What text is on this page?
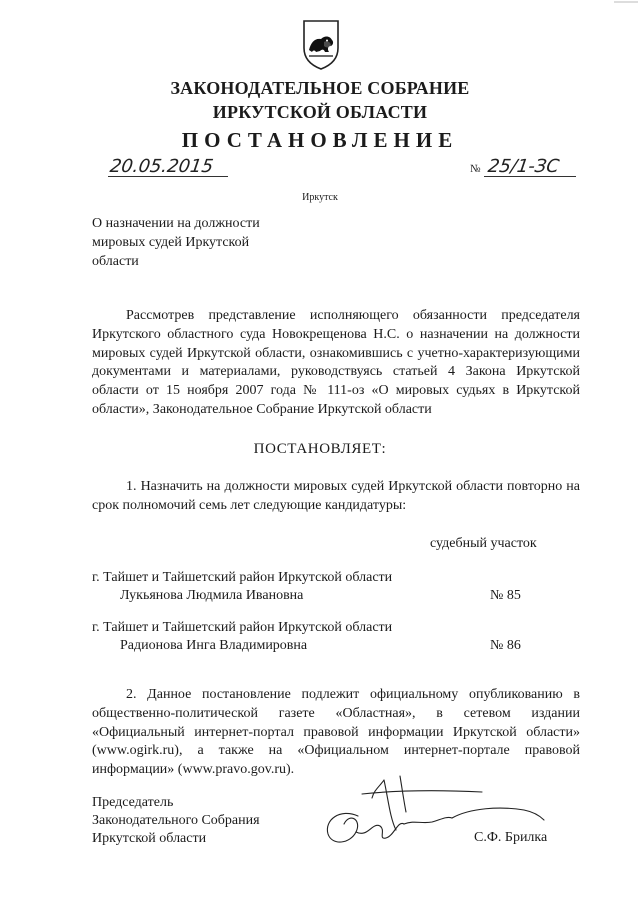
ЗАКОНОДАТЕЛЬНОЕ СОБРАНИЕ
ИРКУТСКОЙ ОБЛАСТИ
ПОСТАНОВЛЕНИЕ
20.05.2015	№ 25/1-ЗС
Иркутск
О назначении на должности
мировых судей Иркутской
области
Рассмотрев представление исполняющего обязанности председателя Иркутского областного суда Новокрещенова Н.С. о назначении на должности мировых судей Иркутской области, ознакомившись с учетно-характеризующими документами и материалами, руководствуясь статьей 4 Закона Иркутской области от 15 ноября 2007 года № 111-оз «О мировых судьях в Иркутской области», Законодательное Собрание Иркутской области
ПОСТАНОВЛЯЕТ:
1. Назначить на должности мировых судей Иркутской области повторно на срок полномочий семь лет следующие кандидатуры:
судебный участок
г. Тайшет и Тайшетский район Иркутской области
Лукьянова Людмила Ивановна	№ 85
г. Тайшет и Тайшетский район Иркутской области
Радионова Инга Владимировна	№ 86
2. Данное постановление подлежит официальному опубликованию в общественно-политической газете «Областная», в сетевом издании «Официальный интернет-портал правовой информации Иркутской области» (www.ogirk.ru), а также на «Официальном интернет-портале правовой информации» (www.pravo.gov.ru).
Председатель
Законодательного Собрания
Иркутской области	С.Ф. Брилка
